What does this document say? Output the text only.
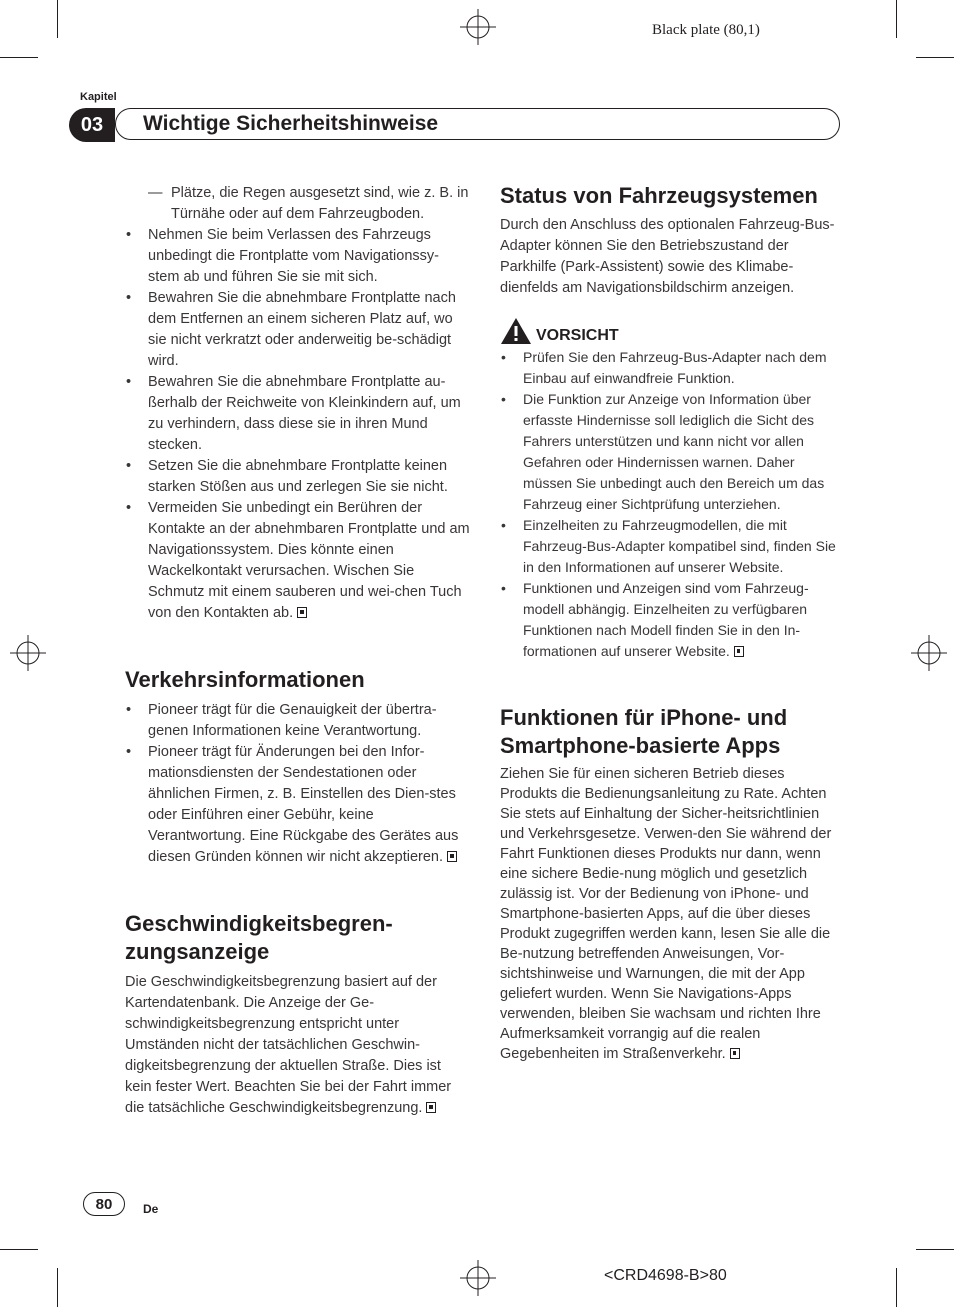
Black plate (80,1)
Kapitel
03	Wichtige Sicherheitshinweise

— Plätze, die Regen ausgesetzt sind, wie z. B. in Türnähe oder auf dem Fahrzeugboden.

• Nehmen Sie beim Verlassen des Fahrzeugs unbedingt die Frontplatte vom Navigationssy-stem ab und führen Sie sie mit sich.
• Bewahren Sie die abnehmbare Frontplatte nach dem Entfernen an einem sicheren Platz auf, wo sie nicht verkratzt oder anderweitig be-schädigt wird.
• Bewahren Sie die abnehmbare Frontplatte au-ßerhalb der Reichweite von Kleinkindern auf, um zu verhindern, dass diese sie in ihren Mund stecken.
• Setzen Sie die abnehmbare Frontplatte keinen starken Stößen aus und zerlegen Sie sie nicht.
• Vermeiden Sie unbedingt ein Berühren der Kontakte an der abnehmbaren Frontplatte und am Navigationssystem. Dies könnte einen Wackelkontakt verursachen. Wischen Sie Schmutz mit einem sauberen und wei-chen Tuch von den Kontakten ab.
Verkehrsinformationen
• Pioneer trägt für die Genauigkeit der übertra-genen Informationen keine Verantwortung.
• Pioneer trägt für Änderungen bei den Infor-mationsdiensten der Sendestationen oder ähnlichen Firmen, z. B. Einstellen des Dien-stes oder Einführen einer Gebühr, keine Verantwortung. Eine Rückgabe des Gerätes aus diesen Gründen können wir nicht akzeptieren.
Geschwindigkeitsbegren-
zungsanzeige

Die Geschwindigkeitsbegrenzung basiert auf der Kartendatenbank. Die Anzeige der Ge-schwindigkeitsbegrenzung entspricht unter Umständen nicht der tatsächlichen Geschwin-digkeitsbegrenzung der aktuellen Straße. Dies ist kein fester Wert. Beachten Sie bei der Fahrt immer die tatsächliche Geschwindigkeitsbegrenzung.

Status von Fahrzeugsystemen

Durch den Anschluss des optionalen Fahrzeug-Bus-Adapter können Sie den Betriebszustand der Parkhilfe (Park-Assistent) sowie des Klimabe-dienfelds am Navigationsbildschirm anzeigen.

VORSICHT
• Prüfen Sie den Fahrzeug-Bus-Adapter nach dem Einbau auf einwandfreie Funktion.
• Die Funktion zur Anzeige von Information über erfasste Hindernisse soll lediglich die Sicht des Fahrers unterstützen und kann nicht vor allen Gefahren oder Hindernissen warnen. Daher müssen Sie unbedingt auch den Bereich um das Fahrzeug einer Sichtprüfung unterziehen.
• Einzelheiten zu Fahrzeugmodellen, die mit Fahrzeug-Bus-Adapter kompatibel sind, finden Sie in den Informationen auf unserer Website.
• Funktionen und Anzeigen sind vom Fahrzeug-modell abhängig. Einzelheiten zu verfügbaren Funktionen nach Modell finden Sie in den In-formationen auf unserer Website.
Funktionen für iPhone- und
Smartphone-basierte Apps

Ziehen Sie für einen sicheren Betrieb dieses Produkts die Bedienungsanleitung zu Rate. Achten Sie stets auf Einhaltung der Sicher-heitsrichtlinien und Verkehrsgesetze. Verwen-den Sie während der Fahrt Funktionen dieses Produkts nur dann, wenn eine sichere Bedie-nung möglich und gesetzlich zulässig ist. Vor der Bedienung von iPhone- und Smartphone-basierten Apps, auf die über dieses Produkt zugegriffen werden kann, lesen Sie alle die Be-nutzung betreffenden Anweisungen, Vor-sichtshinweise und Warnungen, die mit der App geliefert wurden. Wenn Sie Navigations-Apps verwenden, bleiben Sie wachsam und richten Ihre Aufmerksamkeit vorrangig auf die realen Gegebenheiten im Straßenverkehr.

80	De
<CRD4698-B>80
